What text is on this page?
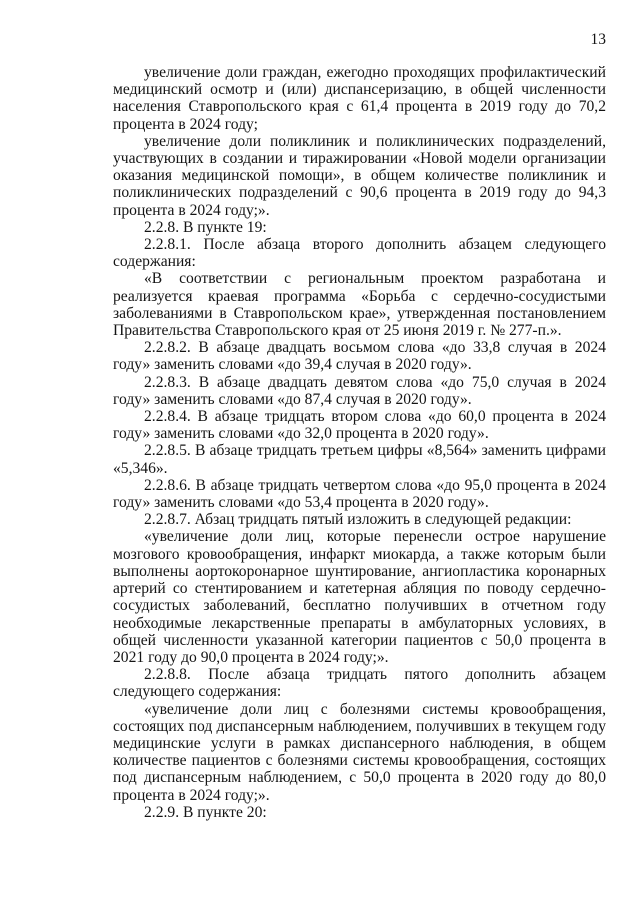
13

увеличение доли граждан, ежегодно проходящих профилактический медицинский осмотр и (или) диспансеризацию, в общей численности населения Ставропольского края с 61,4 процента в 2019 году до 70,2 процента в 2024 году;

увеличение доли поликлиник и поликлинических подразделений, участвующих в создании и тиражировании «Новой модели организации оказания медицинской помощи», в общем количестве поликлиник и поликлинических подразделений с 90,6 процента в 2019 году до 94,3 процента в 2024 году;».

2.2.8. В пункте 19:

2.2.8.1. После абзаца второго дополнить абзацем следующего содержания:

«В соответствии с региональным проектом разработана и реализуется краевая программа «Борьба с сердечно-сосудистыми заболеваниями в Ставропольском крае», утвержденная постановлением Правительства Ставропольского края от 25 июня 2019 г. № 277-п.».

2.2.8.2. В абзаце двадцать восьмом слова «до 33,8 случая в 2024 году» заменить словами «до 39,4 случая в 2020 году».

2.2.8.3. В абзаце двадцать девятом слова «до 75,0 случая в 2024 году» заменить словами «до 87,4 случая в 2020 году».

2.2.8.4. В абзаце тридцать втором слова «до 60,0 процента в 2024 году» заменить словами «до 32,0 процента в 2020 году».

2.2.8.5. В абзаце тридцать третьем цифры «8,564» заменить цифрами «5,346».

2.2.8.6. В абзаце тридцать четвертом слова «до 95,0 процента в 2024 году» заменить словами «до 53,4 процента в 2020 году».

2.2.8.7. Абзац тридцать пятый изложить в следующей редакции:

«увеличение доли лиц, которые перенесли острое нарушение мозгового кровообращения, инфаркт миокарда, а также которым были выполнены аортокоронарное шунтирование, ангиопластика коронарных артерий со стентированием и катетерная абляция по поводу сердечно-сосудистых заболеваний, бесплатно получивших в отчетном году необходимые лекарственные препараты в амбулаторных условиях, в общей численности указанной категории пациентов с 50,0 процента в 2021 году до 90,0 процента в 2024 году;».

2.2.8.8. После абзаца тридцать пятого дополнить абзацем следующего содержания:

«увеличение доли лиц с болезнями системы кровообращения, состоящих под диспансерным наблюдением, получивших в текущем году медицинские услуги в рамках диспансерного наблюдения, в общем количестве пациентов с болезнями системы кровообращения, состоящих под диспансерным наблюдением, с 50,0 процента в 2020 году до 80,0 процента в 2024 году;».

2.2.9. В пункте 20:
